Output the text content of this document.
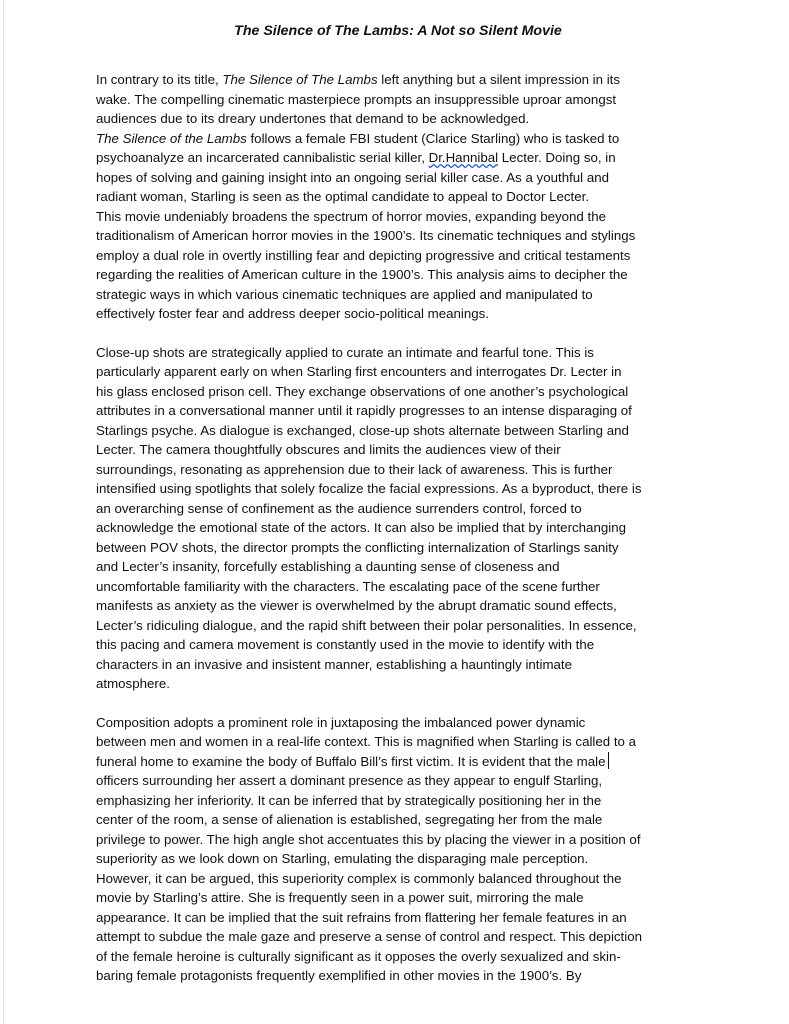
The Silence of The Lambs: A Not so Silent Movie

In contrary to its title, The Silence of The Lambs left anything but a silent impression in its
wake. The compelling cinematic masterpiece prompts an insuppressible uproar amongst
audiences due to its dreary undertones that demand to be acknowledged.
The Silence of the Lambs follows a female FBI student (Clarice Starling) who is tasked to
psychoanalyze an incarcerated cannibalistic serial killer, Dr.Hannibal Lecter. Doing so, in
hopes of solving and gaining insight into an ongoing serial killer case. As a youthful and
radiant woman, Starling is seen as the optimal candidate to appeal to Doctor Lecter.
This movie undeniably broadens the spectrum of horror movies, expanding beyond the
traditionalism of American horror movies in the 1900’s. Its cinematic techniques and stylings
employ a dual role in overtly instilling fear and depicting progressive and critical testaments
regarding the realities of American culture in the 1900’s. This analysis aims to decipher the
strategic ways in which various cinematic techniques are applied and manipulated to
effectively foster fear and address deeper socio-political meanings.

Close-up shots are strategically applied to curate an intimate and fearful tone. This is
particularly apparent early on when Starling first encounters and interrogates Dr. Lecter in
his glass enclosed prison cell. They exchange observations of one another’s psychological
attributes in a conversational manner until it rapidly progresses to an intense disparaging of
Starlings psyche. As dialogue is exchanged, close-up shots alternate between Starling and
Lecter. The camera thoughtfully obscures and limits the audiences view of their
surroundings, resonating as apprehension due to their lack of awareness. This is further
intensified using spotlights that solely focalize the facial expressions. As a byproduct, there is
an overarching sense of confinement as the audience surrenders control, forced to
acknowledge the emotional state of the actors. It can also be implied that by interchanging
between POV shots, the director prompts the conflicting internalization of Starlings sanity
and Lecter’s insanity, forcefully establishing a daunting sense of closeness and
uncomfortable familiarity with the characters. The escalating pace of the scene further
manifests as anxiety as the viewer is overwhelmed by the abrupt dramatic sound effects,
Lecter’s ridiculing dialogue, and the rapid shift between their polar personalities. In essence,
this pacing and camera movement is constantly used in the movie to identify with the
characters in an invasive and insistent manner, establishing a hauntingly intimate
atmosphere.

Composition adopts a prominent role in juxtaposing the imbalanced power dynamic
between men and women in a real-life context. This is magnified when Starling is called to a
funeral home to examine the body of Buffalo Bill’s first victim. It is evident that the male
officers surrounding her assert a dominant presence as they appear to engulf Starling,
emphasizing her inferiority. It can be inferred that by strategically positioning her in the
center of the room, a sense of alienation is established, segregating her from the male
privilege to power. The high angle shot accentuates this by placing the viewer in a position of
superiority as we look down on Starling, emulating the disparaging male perception.
However, it can be argued, this superiority complex is commonly balanced throughout the
movie by Starling’s attire. She is frequently seen in a power suit, mirroring the male
appearance. It can be implied that the suit refrains from flattering her female features in an
attempt to subdue the male gaze and preserve a sense of control and respect. This depiction
of the female heroine is culturally significant as it opposes the overly sexualized and skin-
baring female protagonists frequently exemplified in other movies in the 1900’s. By
